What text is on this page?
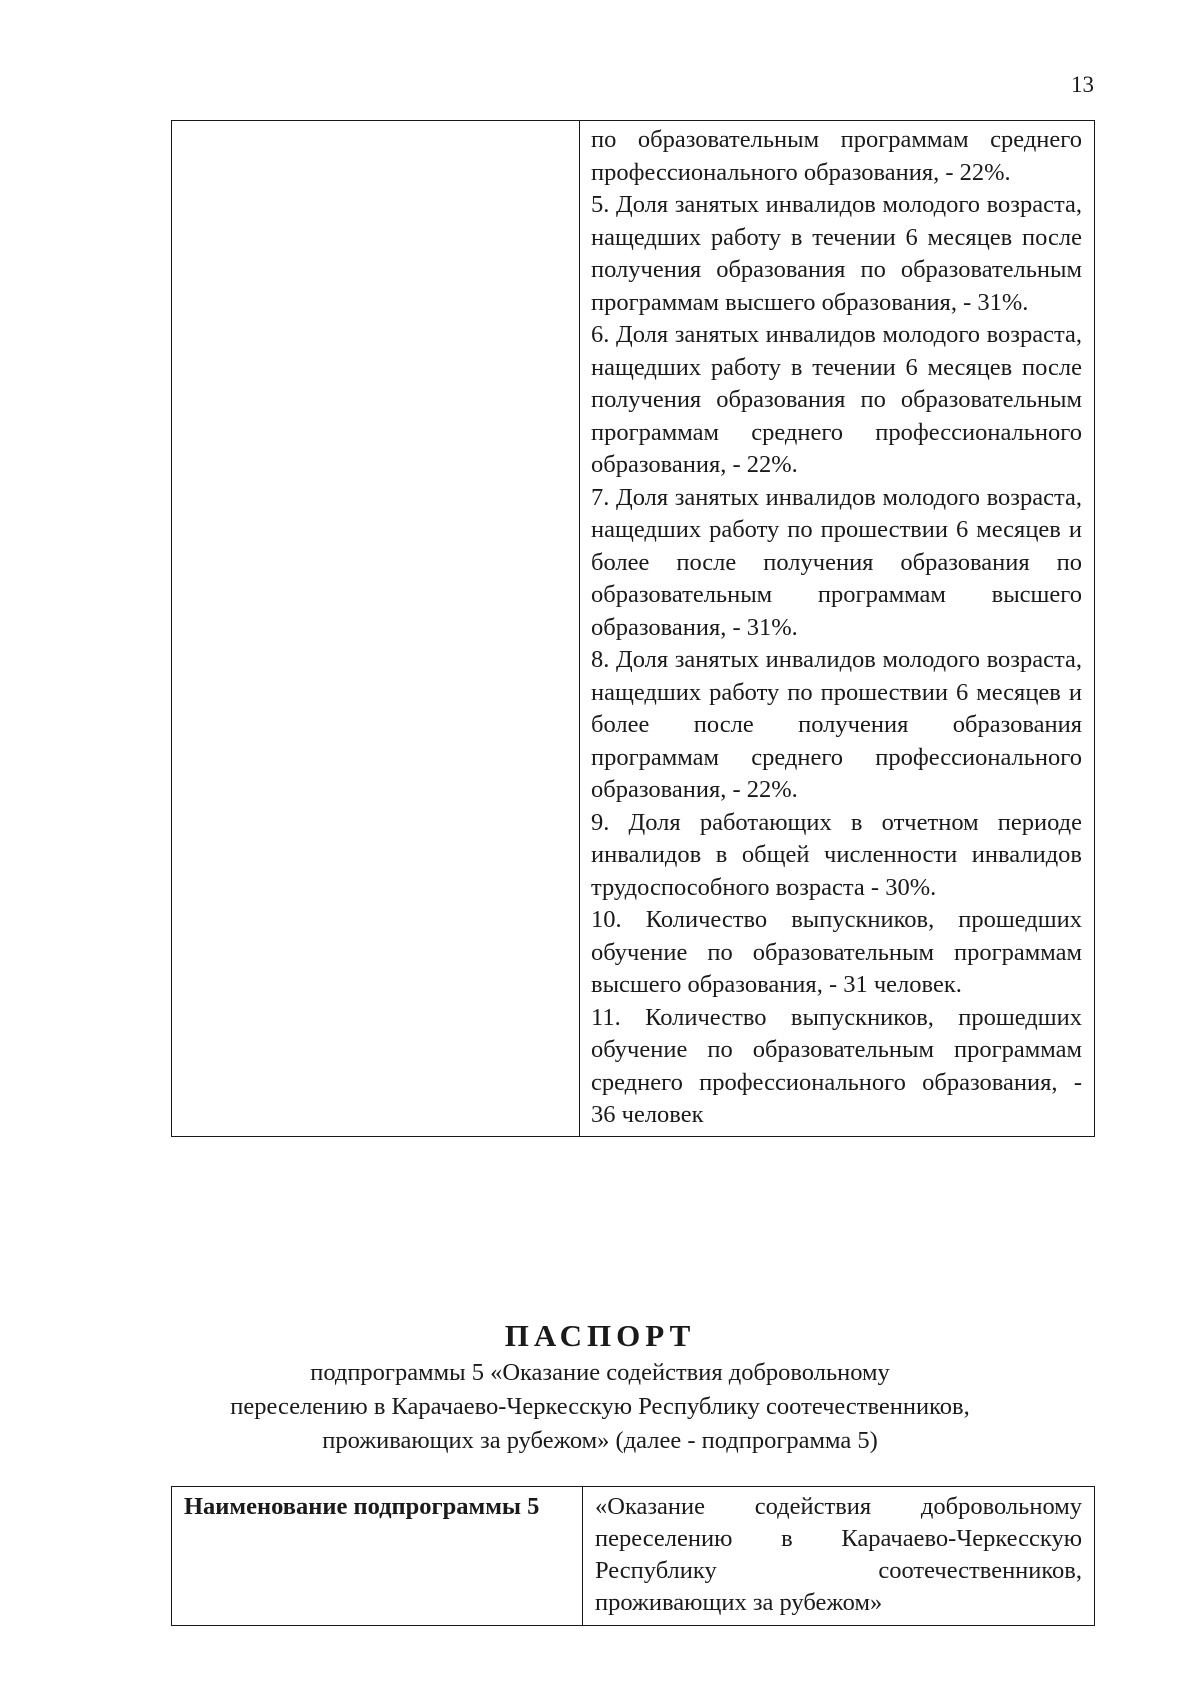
13

по образовательным программам среднего профессионального образования, - 22%.
5. Доля занятых инвалидов молодого возраста, нащедших работу в течении 6 месяцев после получения образования по образовательным программам высшего образования, - 31%.
6. Доля занятых инвалидов молодого возраста, нащедших работу в течении 6 месяцев после получения образования по образовательным программам среднего профессионального образования, - 22%.
7. Доля занятых инвалидов молодого возраста, нащедших работу по прошествии 6 месяцев и более после получения образования по образовательным программам высшего образования, - 31%.
8. Доля занятых инвалидов молодого возраста, нащедших работу по прошествии 6 месяцев и более после получения образования программам среднего профессионального образования, - 22%.
9. Доля работающих в отчетном периоде инвалидов в общей численности инвалидов трудоспособного возраста - 30%.
10. Количество выпускников, прошедших обучение по образовательным программам высшего образования, - 31 человек.
11. Количество выпускников, прошедших обучение по образовательным программам среднего профессионального образования, - 36 человек
ПАСПОРТ
подпрограммы 5 «Оказание содействия добровольному
переселению в Карачаево-Черкесскую Республику соотечественников,
проживающих за рубежом» (далее - подпрограмма 5)
Наименование подпрограммы 5	«Оказание содействия добровольному переселению в Карачаево-Черкесскую Республику соотечественников, проживающих за рубежом»
